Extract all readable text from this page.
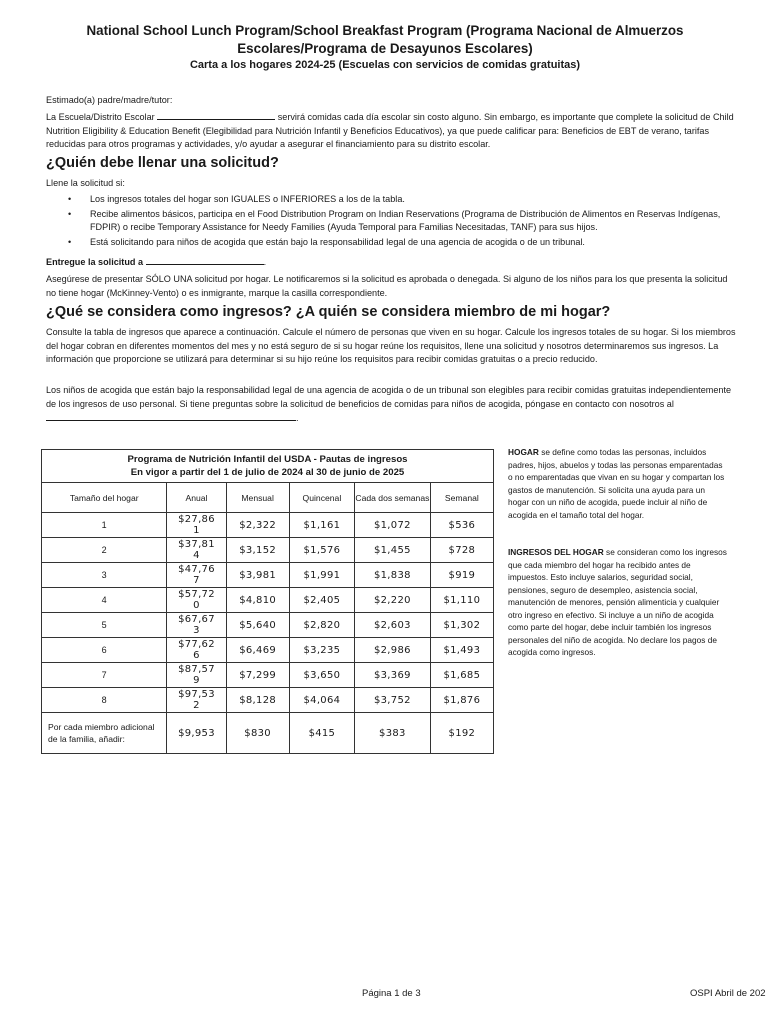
National School Lunch Program/School Breakfast Program (Programa Nacional de Almuerzos Escolares/Programa de Desayunos Escolares)
Carta a los hogares 2024-25 (Escuelas con servicios de comidas gratuitas)
Estimado(a) padre/madre/tutor:
La Escuela/Distrito Escolar	servirá comidas cada día escolar sin costo alguno. Sin embargo, es importante que complete la solicitud de Child Nutrition Eligibility & Education Benefit (Elegibilidad para Nutrición Infantil y Beneficios Educativos), ya que puede calificar para: Beneficios de EBT de verano, tarifas reducidas para otros programas y actividades, y/o ayudar a asegurar el financiamiento para su distrito escolar.
¿Quién debe llenar una solicitud?
Llene la solicitud si:
• Los ingresos totales del hogar son IGUALES o INFERIORES a los de la tabla.
• Recibe alimentos básicos, participa en el Food Distribution Program on Indian Reservations (Programa de Distribución de Alimentos en Reservas Indígenas, FDPIR) o recibe Temporary Assistance for Needy Families (Ayuda Temporal para Familias Necesitadas, TANF) para sus hijos.
• Está solicitando para niños de acogida que están bajo la responsabilidad legal de una agencia de acogida o de un tribunal.
Entregue la solicitud a	.
Asegúrese de presentar SÓLO UNA solicitud por hogar. Le notificaremos si la solicitud es aprobada o denegada. Si alguno de los niños para los que presenta la solicitud no tiene hogar (McKinney-Vento) o es inmigrante, marque la casilla correspondiente.
¿Qué se considera como ingresos? ¿A quién se considera miembro de mi hogar?
Consulte la tabla de ingresos que aparece a continuación. Calcule el número de personas que viven en su hogar. Calcule los ingresos totales de su hogar. Si los miembros del hogar cobran en diferentes momentos del mes y no está seguro de si su hogar reúne los requisitos, llene una solicitud y nosotros determinaremos sus ingresos. La información que proporcione se utilizará para determinar si su hijo reúne los requisitos para recibir comidas gratuitas o a precio reducido.
Los niños de acogida que están bajo la responsabilidad legal de una agencia de acogida o de un tribunal son elegibles para recibir comidas gratuitas independientemente de los ingresos de uso personal. Si tiene preguntas sobre la solicitud de beneficios de comidas para niños de acogida, póngase en contacto con nosotros al .
Programa de Nutrición Infantil del USDA - Pautas de ingresos
En vigor a partir del 1 de julio de 2024 al 30 de junio de 2025					

Tamaño del hogar	Anual	Mensual	Quincenal	Cada dos semanas	Semanal
1	$27,861	$2,322	$1,161	$1,072	$536
2	$37,814	$3,152	$1,576	$1,455	$728
3	$47,767	$3,981	$1,991	$1,838	$919
4	$57,720	$4,810	$2,405	$2,220	$1,110
5	$67,673	$5,640	$2,820	$2,603	$1,302
6	$77,626	$6,469	$3,235	$2,986	$1,493
7	$87,579	$7,299	$3,650	$3,369	$1,685
8	$97,532	$8,128	$4,064	$3,752	$1,876
Por cada miembro adicional de la familia, añadir:	$9,953	$830	$415	$383	$192
HOGAR se define como todas las personas, incluidos padres, hijos, abuelos y todas las personas emparentadas o no emparentadas que vivan en su hogar y compartan los gastos de manutención. Si solicita una ayuda para un hogar con un niño de acogida, puede incluir al niño de acogida en el tamaño total del hogar.
INGRESOS DEL HOGAR se consideran como los ingresos que cada miembro del hogar ha recibido antes de impuestos. Esto incluye salarios, seguridad social, pensiones, seguro de desempleo, asistencia social, manutención de menores, pensión alimenticia y cualquier otro ingreso en efectivo. Si incluye a un niño de acogida como parte del hogar, debe incluir también los ingresos personales del niño de acogida. No declare los pagos de acogida como ingresos.
Página 1 de 3	OSPI Abril de 202
